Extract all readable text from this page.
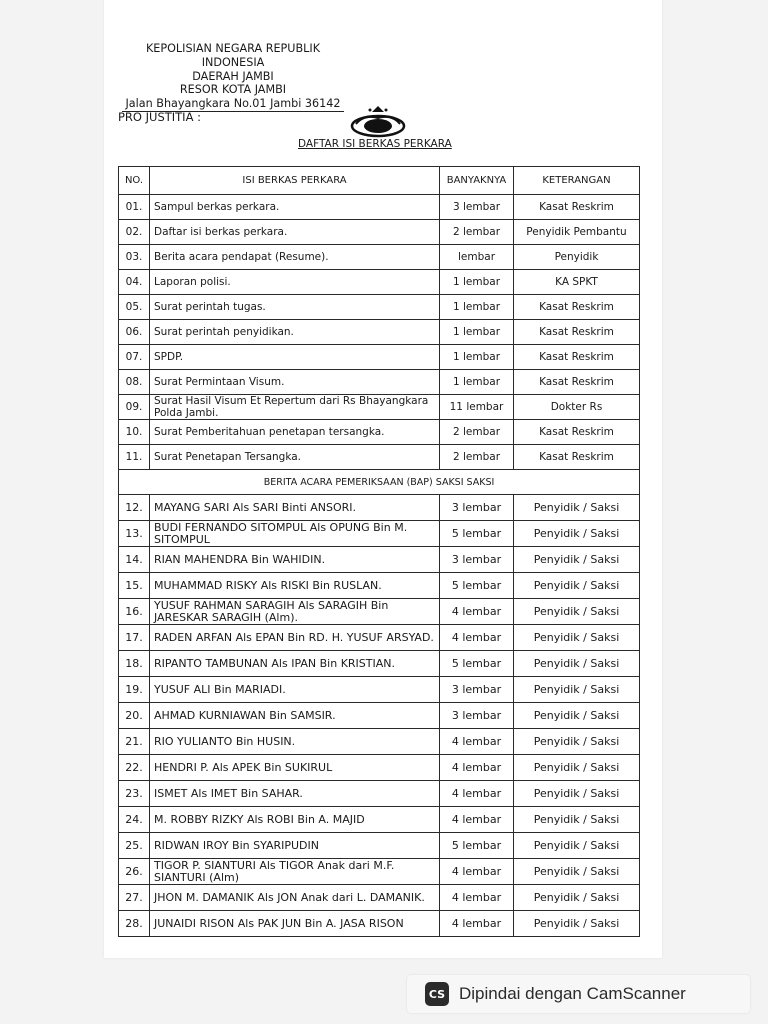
KEPOLISIAN NEGARA REPUBLIK INDONESIA
DAERAH JAMBI
RESOR KOTA JAMBI
Jalan Bhayangkara No.01 Jambi 36142
PRO JUSTITIA :
DAFTAR ISI BERKAS PERKARA
NO.	ISI BERKAS PERKARA	BANYAKNYA	KETERANGAN
01.	Sampul berkas perkara.	3 lembar	Kasat Reskrim
02.	Daftar isi berkas perkara.	2 lembar	Penyidik Pembantu
03.	Berita acara pendapat (Resume).	lembar	Penyidik
04.	Laporan polisi.	1 lembar	KA SPKT
05.	Surat perintah tugas.	1 lembar	Kasat Reskrim
06.	Surat perintah penyidikan.	1 lembar	Kasat Reskrim
07.	SPDP.	1 lembar	Kasat Reskrim
08.	Surat Permintaan Visum.	1 lembar	Kasat Reskrim
09.	Surat Hasil Visum Et Repertum dari Rs Bhayangkara Polda Jambi.	11 lembar	Dokter Rs
10.	Surat Pemberitahuan penetapan tersangka.	2 lembar	Kasat Reskrim
11.	Surat Penetapan Tersangka.	2 lembar	Kasat Reskrim
BERITA ACARA PEMERIKSAAN (BAP) SAKSI SAKSI			
12.	MAYANG SARI Als SARI Binti ANSORI.	3 lembar	Penyidik / Saksi
13.	BUDI FERNANDO SITOMPUL Als OPUNG Bin M. SITOMPUL	5 lembar	Penyidik / Saksi
14.	RIAN MAHENDRA Bin WAHIDIN.	3 lembar	Penyidik / Saksi
15.	MUHAMMAD RISKY Als RISKI Bin RUSLAN.	5 lembar	Penyidik / Saksi
16.	YUSUF RAHMAN SARAGIH Als SARAGIH Bin JARESKAR SARAGIH (Alm).	4 lembar	Penyidik / Saksi
17.	RADEN ARFAN Als EPAN Bin RD. H. YUSUF ARSYAD.	4 lembar	Penyidik / Saksi
18.	RIPANTO TAMBUNAN Als IPAN Bin KRISTIAN.	5 lembar	Penyidik / Saksi
19.	YUSUF ALI Bin MARIADI.	3 lembar	Penyidik / Saksi
20.	AHMAD KURNIAWAN Bin SAMSIR.	3 lembar	Penyidik / Saksi
21.	RIO YULIANTO Bin HUSIN.	4 lembar	Penyidik / Saksi
22.	HENDRI P. Als APEK Bin SUKIRUL	4 lembar	Penyidik / Saksi
23.	ISMET Als IMET Bin SAHAR.	4 lembar	Penyidik / Saksi
24.	M. ROBBY RIZKY Als ROBI Bin A. MAJID	4 lembar	Penyidik / Saksi
25.	RIDWAN IROY Bin SYARIPUDIN	5 lembar	Penyidik / Saksi
26.	TIGOR P. SIANTURI Als TIGOR Anak dari M.F. SIANTURI (Alm)	4 lembar	Penyidik / Saksi
27.	JHON M. DAMANIK Als JON Anak dari L. DAMANIK.	4 lembar	Penyidik / Saksi
28.	JUNAIDI RISON Als PAK JUN Bin A. JASA RISON	4 lembar	Penyidik / Saksi
CS Dipindai dengan CamScanner
